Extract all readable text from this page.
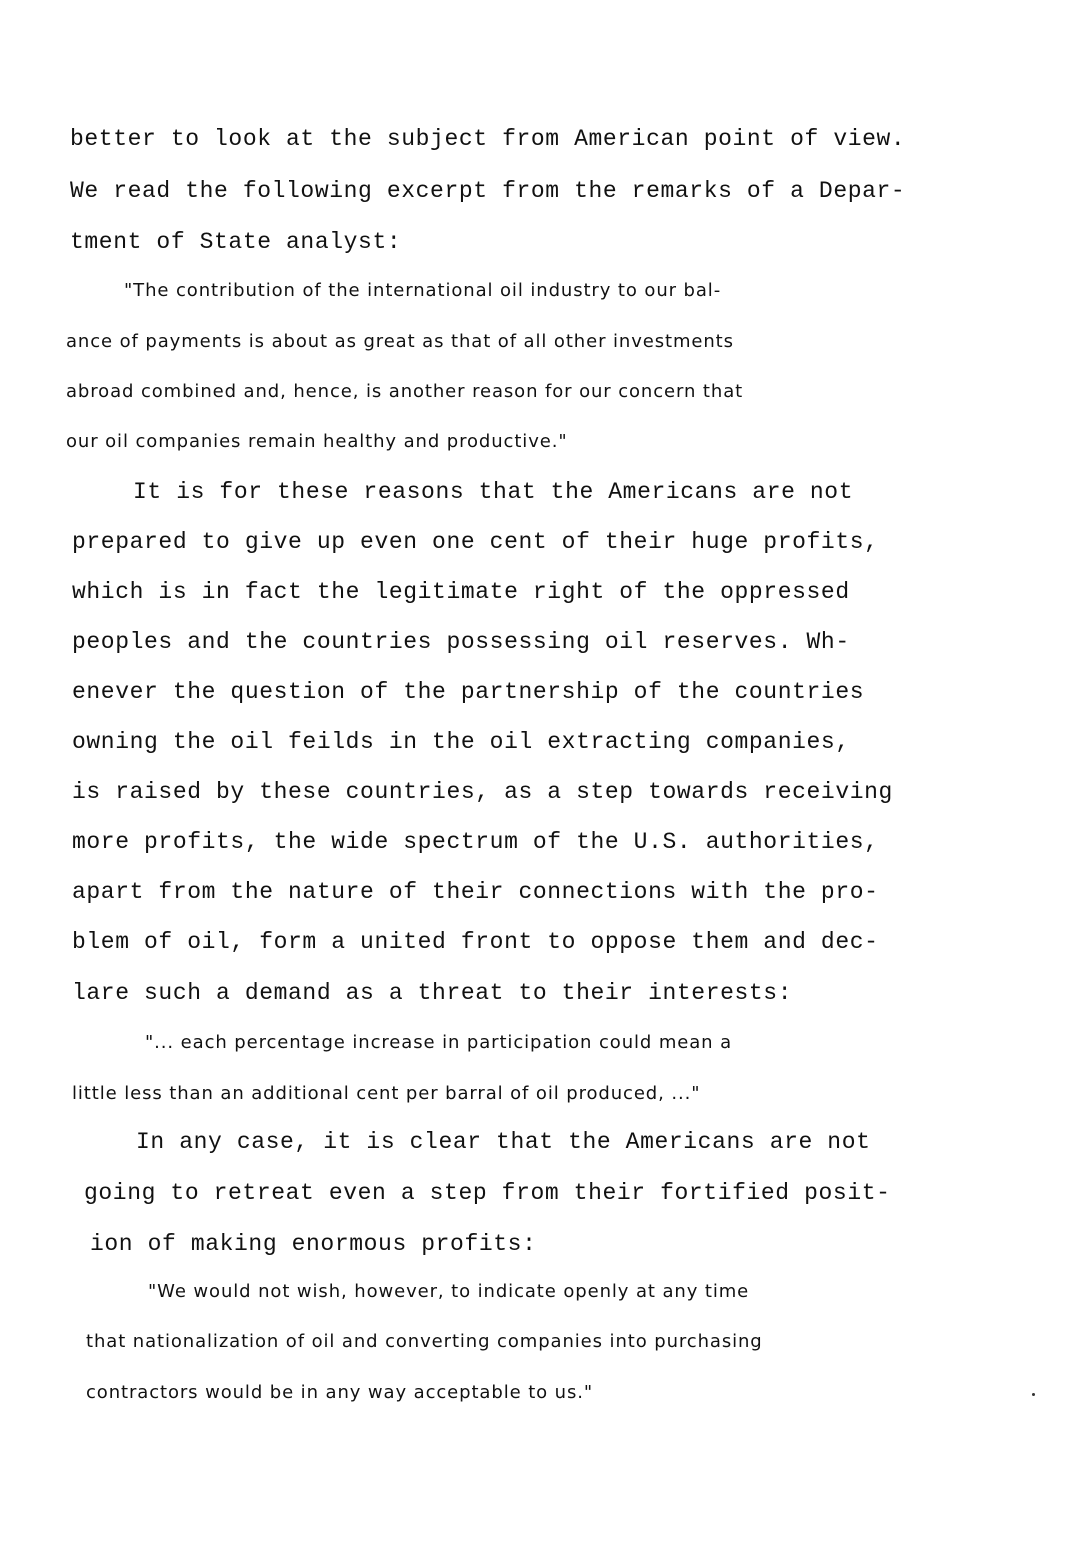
better to look at the subject from American point of view.
We read the following excerpt from the remarks of a Depar-
tment of State analyst:
"The contribution of the international oil industry to our bal-
ance of payments is about as great as that of all other investments
abroad combined and, hence, is another reason for our concern that
our oil companies remain healthy and productive."
It is for these reasons that the Americans are not
prepared to give up even one cent of their huge profits,
which is in fact the legitimate right of the oppressed
peoples and the countries possessing oil reserves. Wh-
enever the question of the partnership of the countries
owning the oil feilds in the oil extracting companies,
is raised by these countries, as a step towards receiving
more profits, the wide spectrum of the U.S. authorities,
apart from the nature of their connections with the pro-
blem of oil, form a united front to oppose them and dec-
lare such a demand as a threat to their interests:
"... each percentage increase in participation could mean a
little less than an additional cent per barral of oil produced, ..."
In any case, it is clear that the Americans are not
going to retreat even a step from their fortified posit-
ion of making enormous profits:
"We would not wish, however, to indicate openly at any time
that nationalization of oil and converting companies into purchasing
contractors would be in any way acceptable to us."
